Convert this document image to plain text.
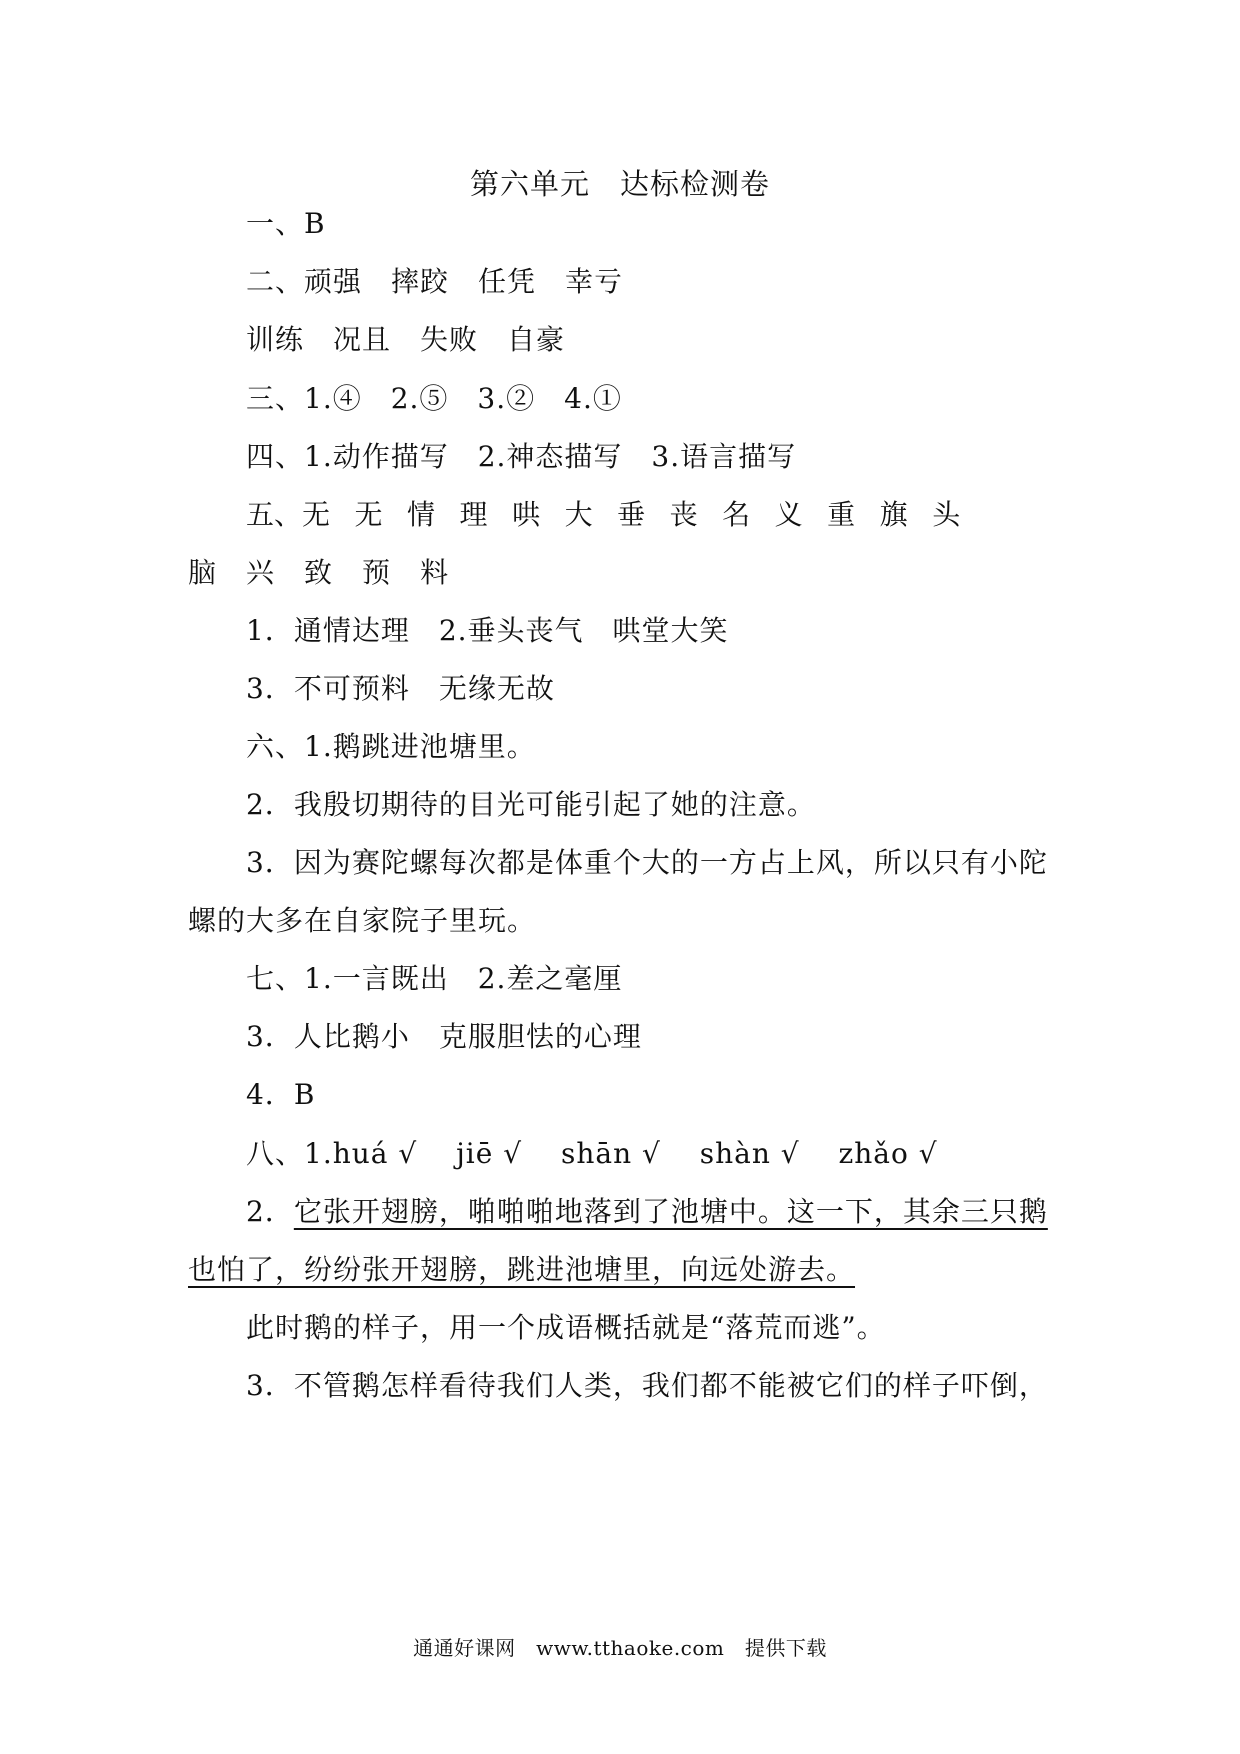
第六单元　达标检测卷
一、B
二、顽强　摔跤　任凭　幸亏
训练　况且　失败　自豪
三、1.④　2.⑤　3.②　4.①
四、1.动作描写　2.神态描写　3.语言描写
五、无 无 情 理 哄 大 垂 丧 名 义 重 旗 头
脑 兴 致 预 料
1．通情达理　2.垂头丧气　哄堂大笑
3．不可预料　无缘无故
六、1.鹅跳进池塘里。
2．我殷切期待的目光可能引起了她的注意。
3．因为赛陀螺每次都是体重个大的一方占上风，所以只有小陀
螺的大多在自家院子里玩。
七、1.一言既出　2.差之毫厘
3．人比鹅小　克服胆怯的心理
4．B
八、1.huá √　 jiē √　 shān √　 shàn √　 zhǎo √
2．它张开翅膀，啪啪啪地落到了池塘中。这一下，其余三只鹅
也怕了，纷纷张开翅膀，跳进池塘里，向远处游去。
此时鹅的样子，用一个成语概括就是“落荒而逃”。
3．不管鹅怎样看待我们人类，我们都不能被它们的样子吓倒，
通通好课网　www.tthaoke.com　提供下载
